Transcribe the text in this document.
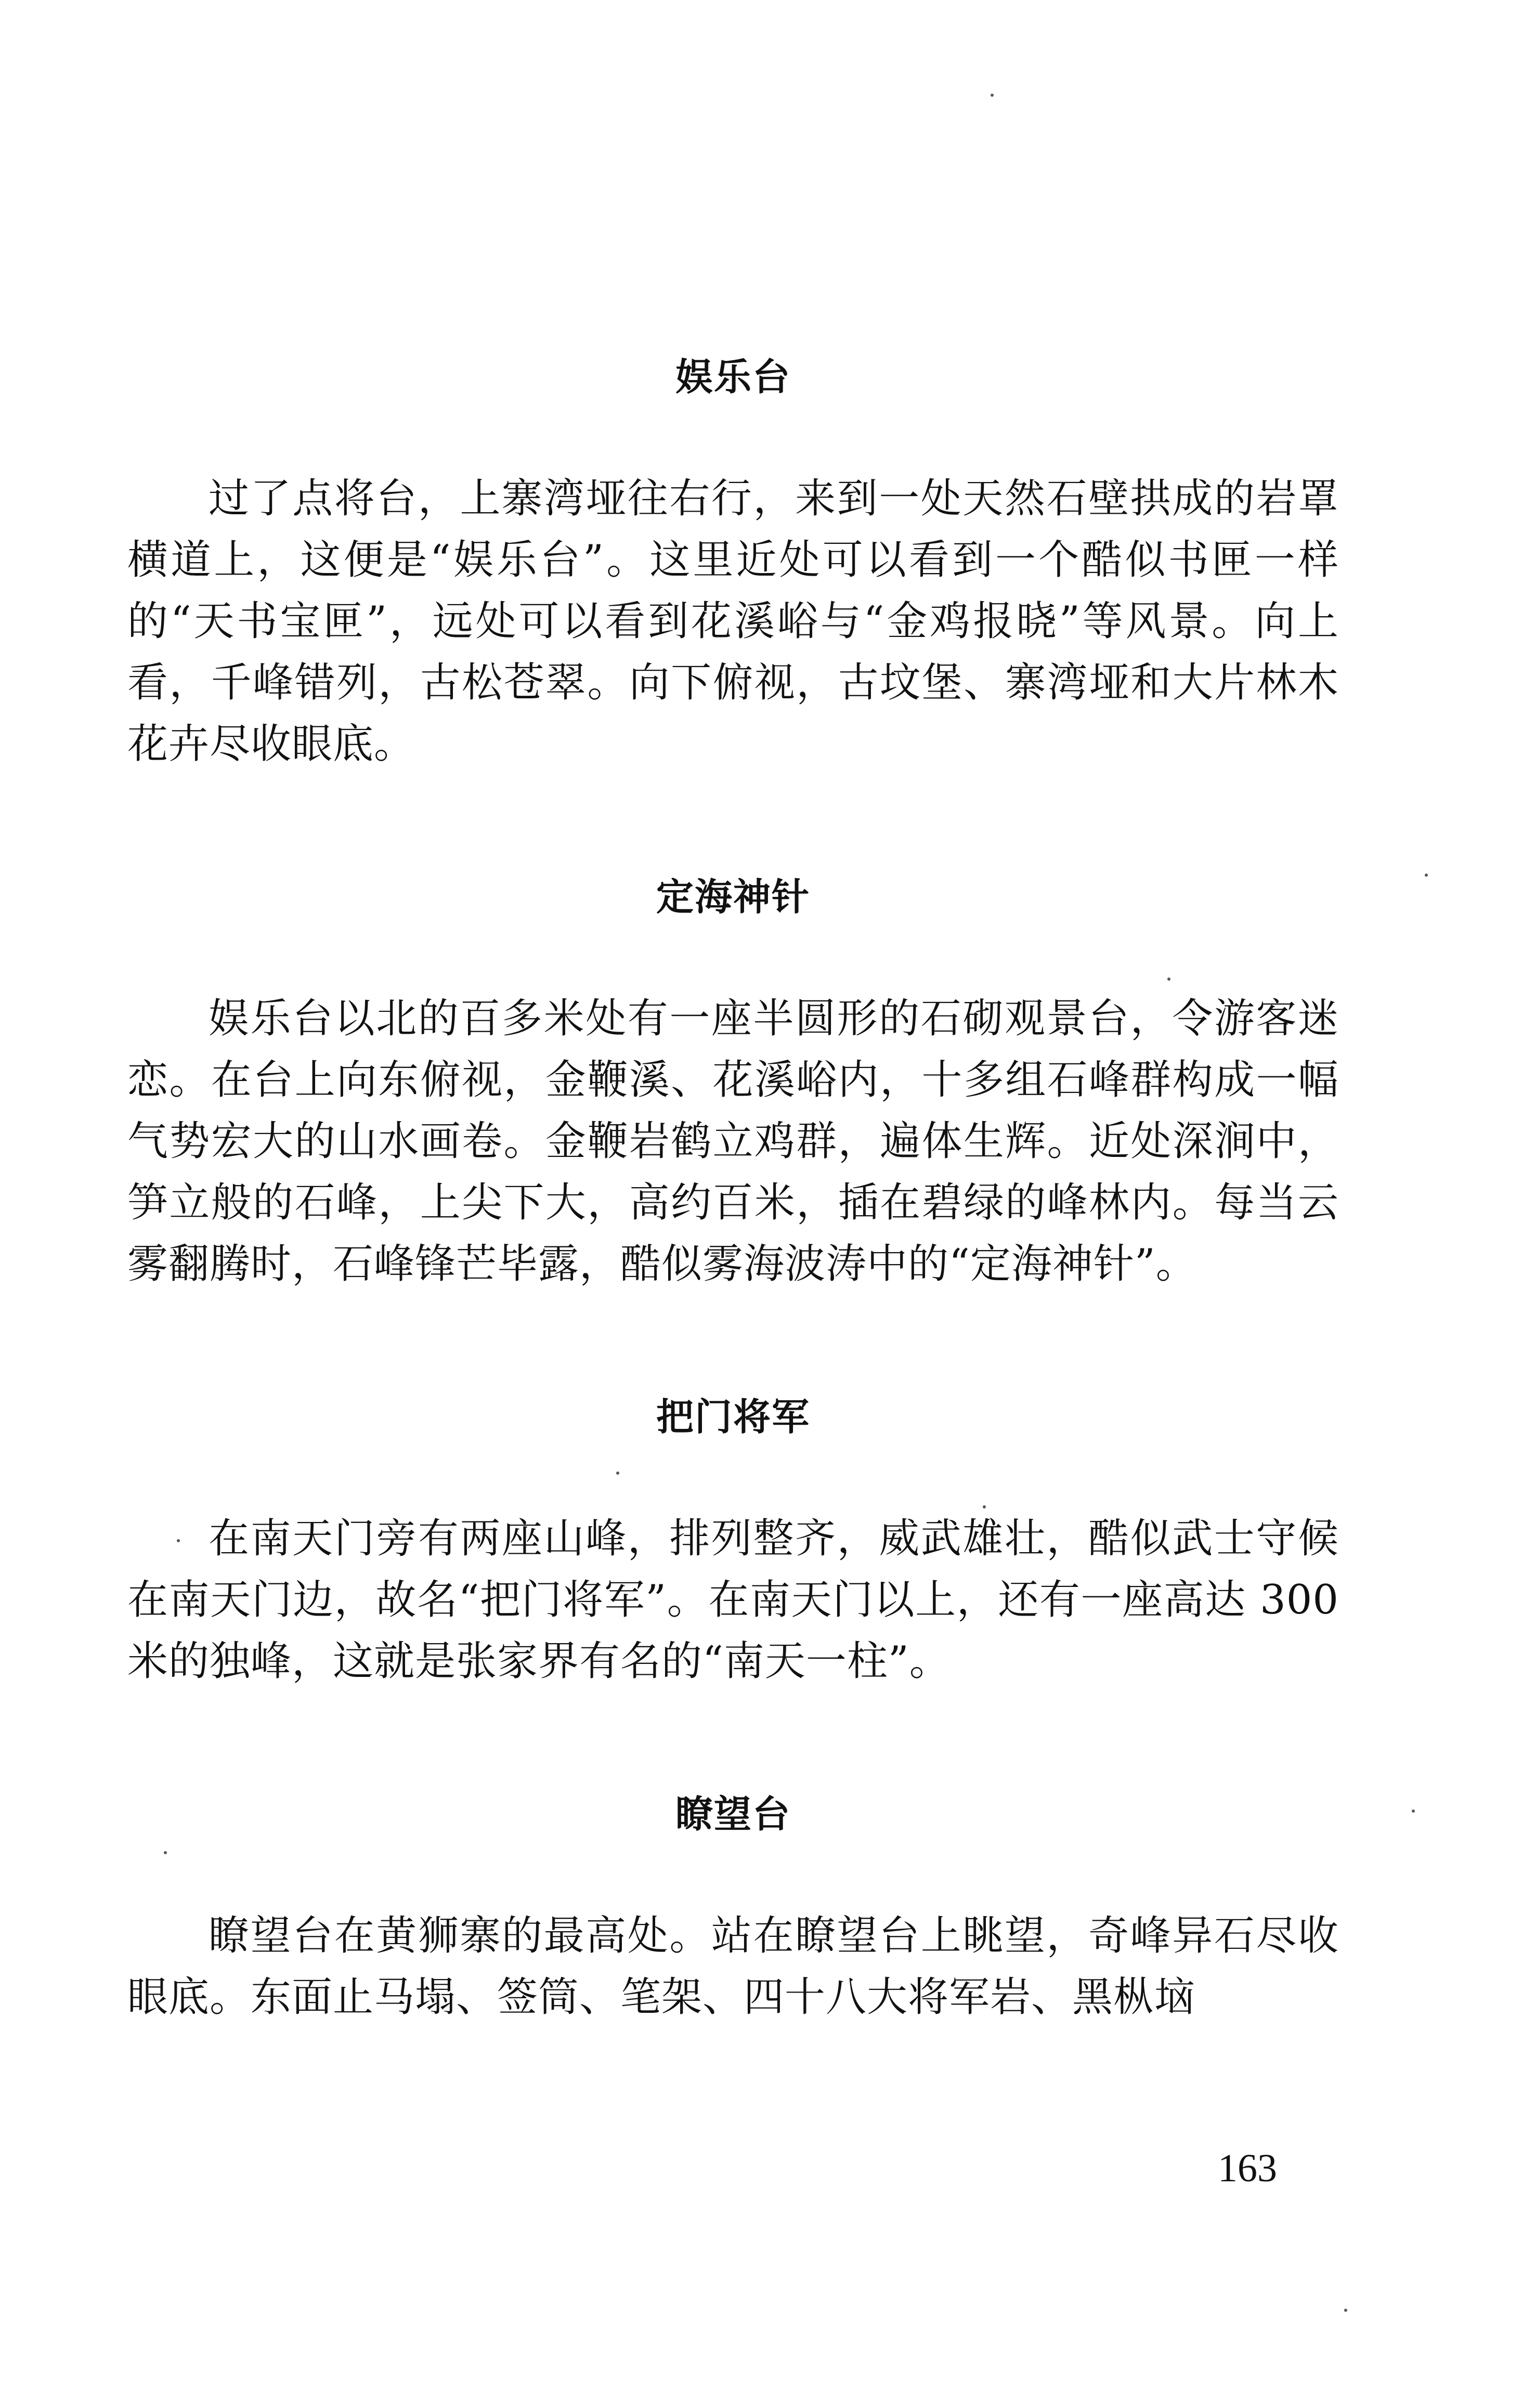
娱乐台

过了点将台，上寨湾垭往右行，来到一处天然石壁拱成的岩罩横道上，这便是“娱乐台”。这里近处可以看到一个酷似书匣一样的“天书宝匣”，远处可以看到花溪峪与“金鸡报晓”等风景。向上看，千峰错列，古松苍翠。向下俯视，古坟堡、寨湾垭和大片林木花卉尽收眼底。

定海神针

娱乐台以北的百多米处有一座半圆形的石砌观景台，令游客迷恋。在台上向东俯视，金鞭溪、花溪峪内，十多组石峰群构成一幅气势宏大的山水画卷。金鞭岩鹤立鸡群，遍体生辉。近处深涧中，笋立般的石峰，上尖下大，高约百米，插在碧绿的峰林内。每当云雾翻腾时，石峰锋芒毕露，酷似雾海波涛中的“定海神针”。

把门将军

在南天门旁有两座山峰，排列整齐，威武雄壮，酷似武士守候在南天门边，故名“把门将军”。在南天门以上，还有一座高达 300 米的独峰，这就是张家界有名的“南天一柱”。

瞭望台

瞭望台在黄狮寨的最高处。站在瞭望台上眺望，奇峰异石尽收眼底。东面止马塌、签筒、笔架、四十八大将军岩、黑枞垴

163
